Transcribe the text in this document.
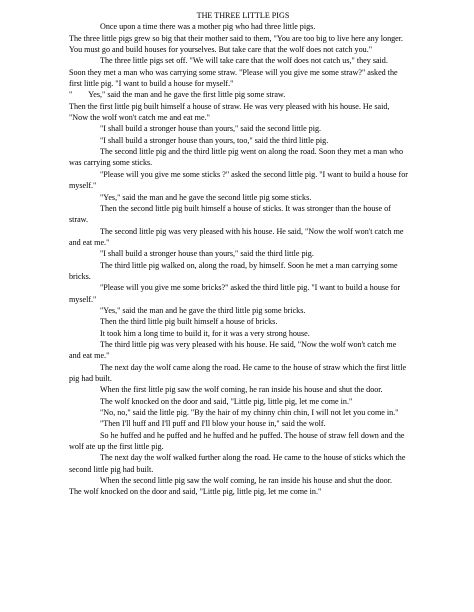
THE THREE LITTLE PIGS

Once upon a time there was a mother pig who had three little pigs.

The three little pigs grew so big that their mother said to them, "You are too big to live here any longer. You must go and build houses for yourselves. But take care that the wolf does not catch you."

The three little pigs set off. "We will take care that the wolf does not catch us," they said.

Soon they met a man who was carrying some straw. "Please will you give me some straw?" asked the first little pig. "I want to build a house for myself."

"        Yes," said the man and he gave the first little pig some straw.

Then the first little pig built himself a house of straw. He was very pleased with his house. He said, "Now the wolf won't catch me and eat me."

"I shall build a stronger house than yours," said the second little pig.

"I shall build a stronger house than yours, too," said the third little pig.

The second little pig and the third little pig went on along the road. Soon they met a man who was carrying some sticks.

"Please will you give me some sticks ?" asked the second little pig. "I want to build a house for myself."

"Yes," said the man and he gave the second little pig some sticks.

Then the second little pig built himself a house of sticks. It was stronger than the house of straw.

The second little pig was very pleased with his house. He said, "Now the wolf won't catch me and eat me."

"I shall build a stronger house than yours," said the third little pig.

The third little pig walked on, along the road, by himself. Soon he met a man carrying some bricks.

"Please will you give me some bricks?" asked the third little pig. "I want to build a house for myself."

"Yes," said the man and he gave the third little pig some bricks.

Then the third little pig built himself a house of bricks.

It took him a long time to build it, for it was a very strong house.

The third little pig was very pleased with his house. He said, "Now the wolf won't catch me and eat me."

The next day the wolf came along the road. He came to the house of straw which the first little pig had built.

When the first little pig saw the wolf coming, he ran inside his house and shut the door.

The wolf knocked on the door and said, "Little pig, little pig, let me come in."

"No, no," said the little pig. "By the hair of my chinny chin chin, I will not let you come in."

"Then I'll huff and I'll puff and I'll blow your house in," said the wolf.

So he huffed and he puffed and he huffed and he puffed. The house of straw fell down and the wolf ate up the first little pig.

The next day the wolf walked further along the road. He came to the house of sticks which the second little pig had built.

When the second little pig saw the wolf coming, he ran inside his house and shut the door.

The wolf knocked on the door and said, "Little pig, little pig, let me come in."
